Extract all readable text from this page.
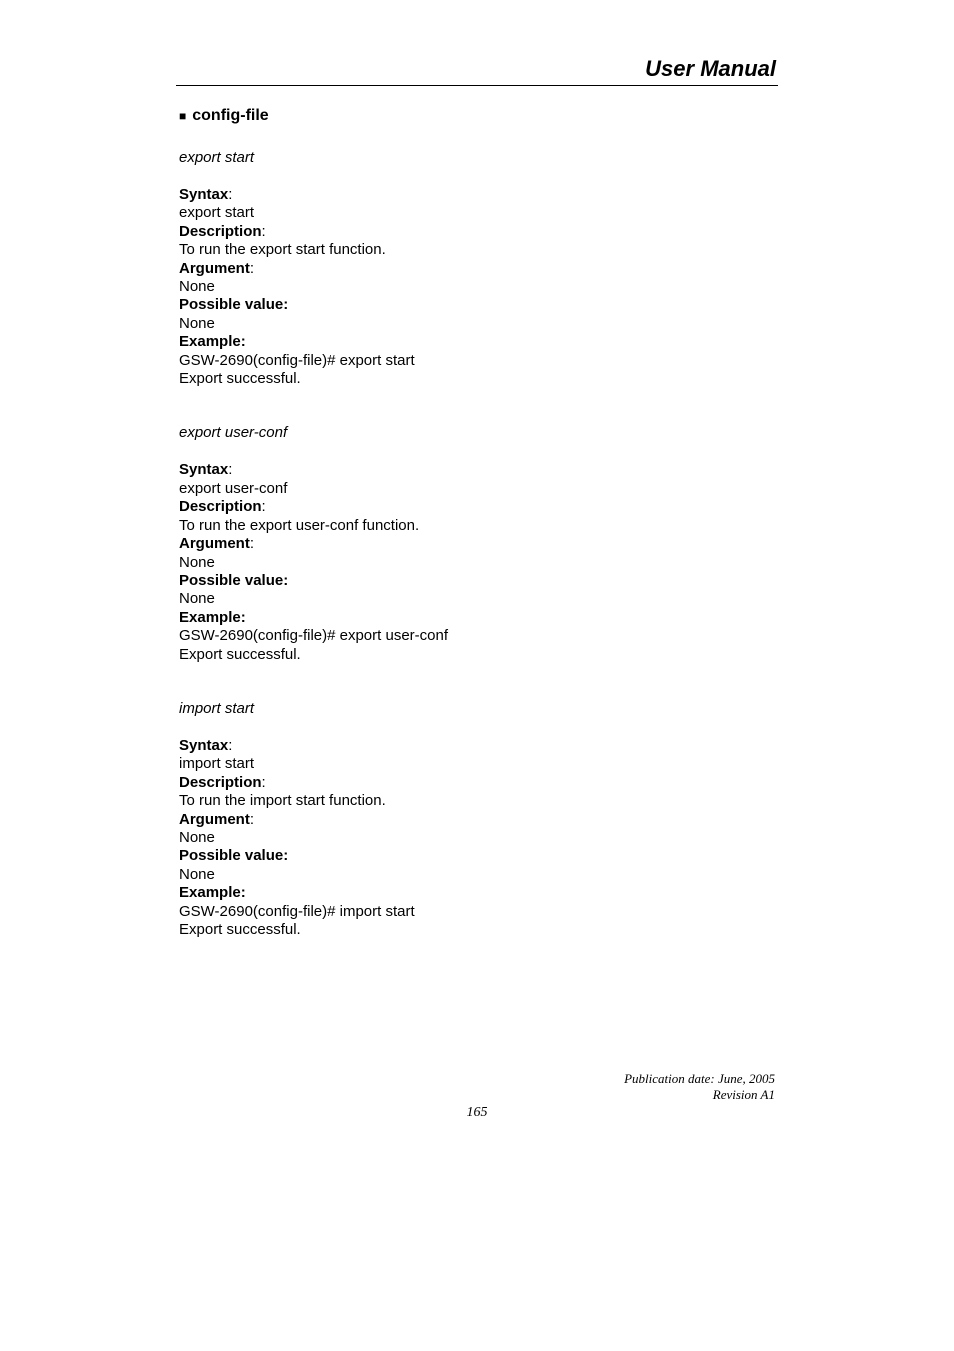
User Manual
■ config-file
export start
Syntax:
export start
Description:
To run the export start function.
Argument:
None
Possible value:
None
Example:
GSW-2690(config-file)# export start
Export successful.
export user-conf
Syntax:
export user-conf
Description:
To run the export user-conf function.
Argument:
None
Possible value:
None
Example:
GSW-2690(config-file)# export user-conf
Export successful.
import start
Syntax:
import start
Description:
To run the import start function.
Argument:
None
Possible value:
None
Example:
GSW-2690(config-file)# import start
Export successful.
Publication date: June, 2005
Revision A1
165
